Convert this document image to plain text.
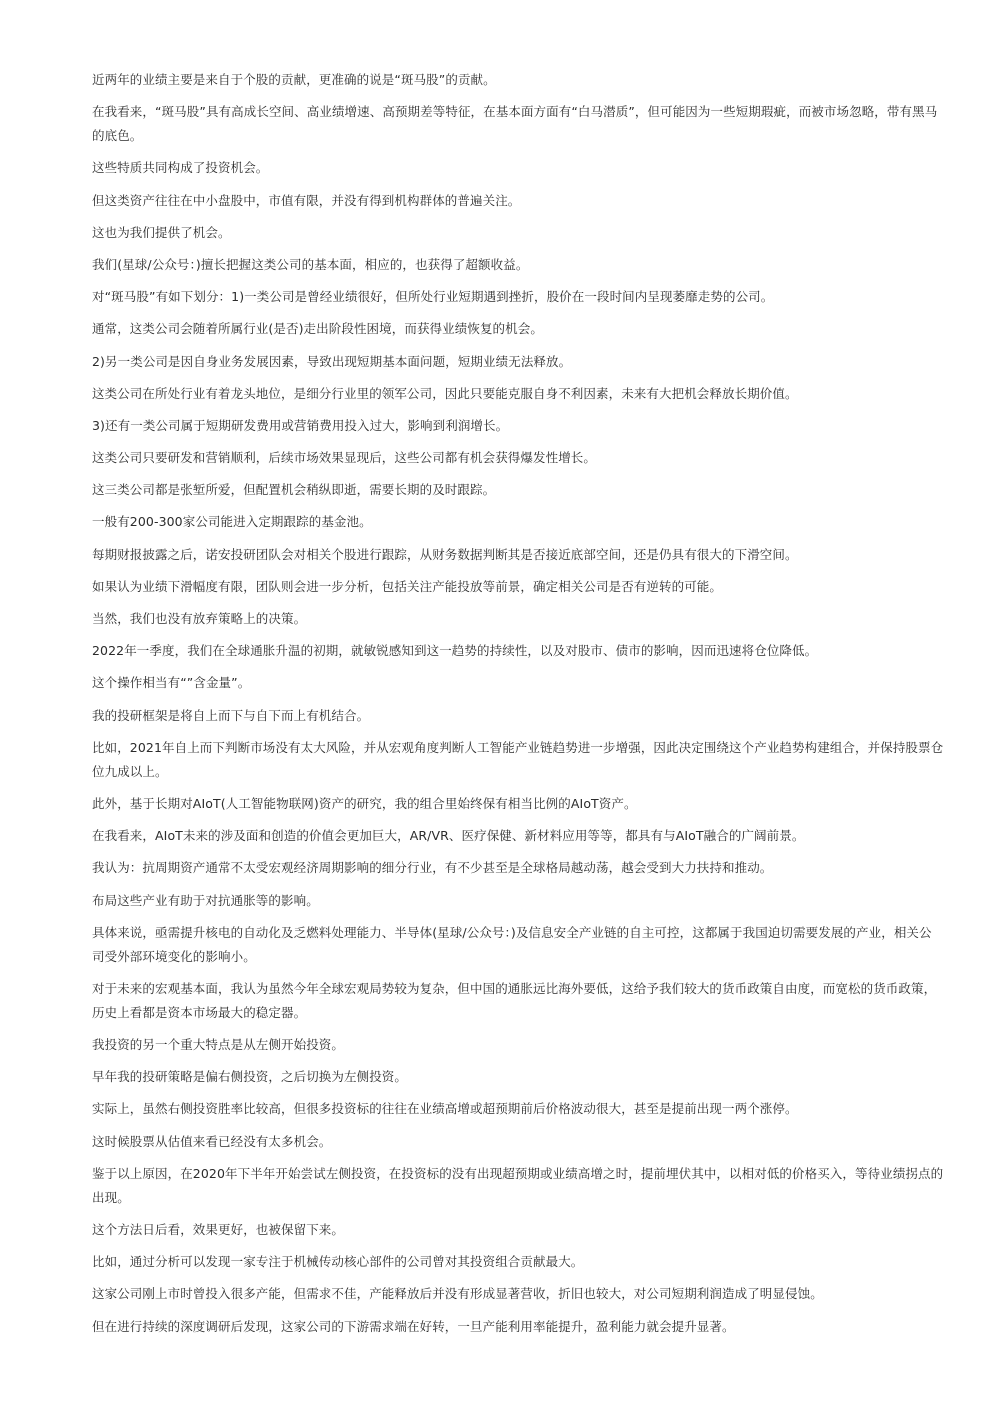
近两年的业绩主要是来自于个股的贡献，更准确的说是“斑马股”的贡献。

在我看来，“斑马股”具有高成长空间、高业绩增速、高预期差等特征，在基本面方面有“白马潜质”，但可能因为一些短期瑕疵，而被市场忽略，带有黑马的底色。

这些特质共同构成了投资机会。

但这类资产往往在中小盘股中，市值有限，并没有得到机构群体的普遍关注。

这也为我们提供了机会。

我们(星球/公众号：)擅长把握这类公司的基本面，相应的，也获得了超额收益。

对“斑马股”有如下划分：1)一类公司是曾经业绩很好，但所处行业短期遇到挫折，股价在一段时间内呈现萎靡走势的公司。

通常，这类公司会随着所属行业(是否)走出阶段性困境，而获得业绩恢复的机会。

2)另一类公司是因自身业务发展因素，导致出现短期基本面问题，短期业绩无法释放。

这类公司在所处行业有着龙头地位，是细分行业里的领军公司，因此只要能克服自身不利因素，未来有大把机会释放长期价值。

3)还有一类公司属于短期研发费用或营销费用投入过大，影响到利润增长。

这类公司只要研发和营销顺利，后续市场效果显现后，这些公司都有机会获得爆发性增长。

这三类公司都是张堑所爱，但配置机会稍纵即逝，需要长期的及时跟踪。

一般有200-300家公司能进入定期跟踪的基金池。

每期财报披露之后，诺安投研团队会对相关个股进行跟踪，从财务数据判断其是否接近底部空间，还是仍具有很大的下滑空间。

如果认为业绩下滑幅度有限，团队则会进一步分析，包括关注产能投放等前景，确定相关公司是否有逆转的可能。

当然，我们也没有放弃策略上的决策。

2022年一季度，我们在全球通胀升温的初期，就敏锐感知到这一趋势的持续性，以及对股市、债市的影响，因而迅速将仓位降低。

这个操作相当有“”含金量”。

我的投研框架是将自上而下与自下而上有机结合。

比如，2021年自上而下判断市场没有太大风险，并从宏观角度判断人工智能产业链趋势进一步增强，因此决定围绕这个产业趋势构建组合，并保持股票仓位九成以上。

此外，基于长期对AIoT(人工智能物联网)资产的研究，我的组合里始终保有相当比例的AIoT资产。

在我看来，AIoT未来的涉及面和创造的价值会更加巨大，AR/VR、医疗保健、新材料应用等等，都具有与AIoT融合的广阔前景。

我认为：抗周期资产通常不太受宏观经济周期影响的细分行业，有不少甚至是全球格局越动荡，越会受到大力扶持和推动。

布局这些产业有助于对抗通胀等的影响。

具体来说，亟需提升核电的自动化及乏燃料处理能力、半导体(星球/公众号：)及信息安全产业链的自主可控，这都属于我国迫切需要发展的产业，相关公司受外部环境变化的影响小。

对于未来的宏观基本面，我认为虽然今年全球宏观局势较为复杂，但中国的通胀远比海外要低，这给予我们较大的货币政策自由度，而宽松的货币政策，历史上看都是资本市场最大的稳定器。

我投资的另一个重大特点是从左侧开始投资。

早年我的投研策略是偏右侧投资，之后切换为左侧投资。

实际上，虽然右侧投资胜率比较高，但很多投资标的往往在业绩高增或超预期前后价格波动很大，甚至是提前出现一两个涨停。

这时候股票从估值来看已经没有太多机会。

鉴于以上原因，在2020年下半年开始尝试左侧投资，在投资标的没有出现超预期或业绩高增之时，提前埋伏其中，以相对低的价格买入，等待业绩拐点的出现。

这个方法日后看，效果更好，也被保留下来。

比如，通过分析可以发现一家专注于机械传动核心部件的公司曾对其投资组合贡献最大。

这家公司刚上市时曾投入很多产能，但需求不佳，产能释放后并没有形成显著营收，折旧也较大，对公司短期利润造成了明显侵蚀。

但在进行持续的深度调研后发现，这家公司的下游需求端在好转，一旦产能利用率能提升，盈利能力就会提升显著。
